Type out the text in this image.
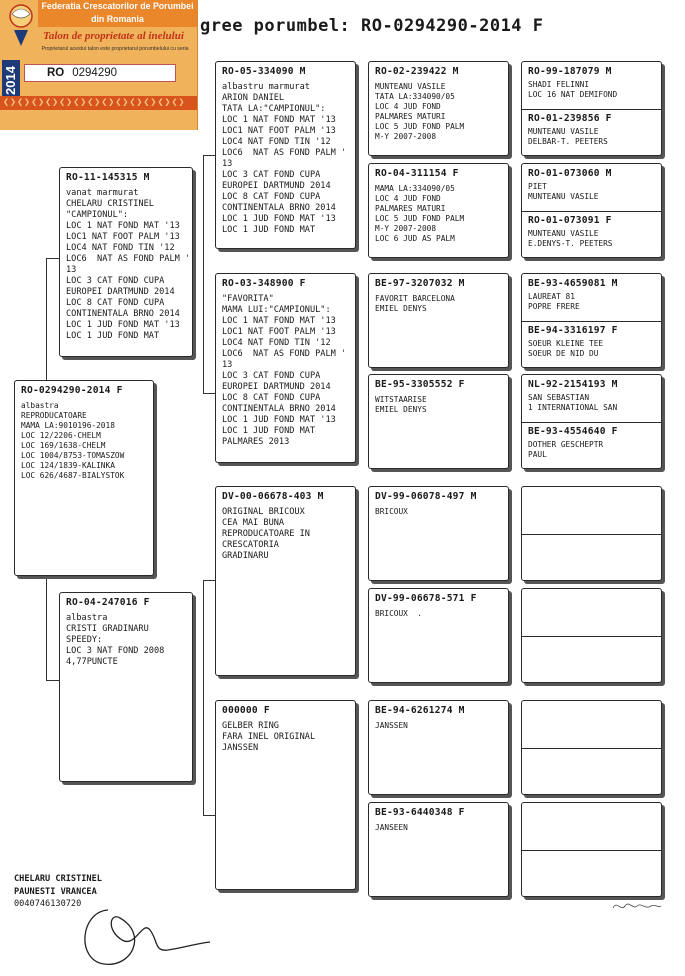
gree porumbel: RO-0294290-2014 F
Federatia Crescatorilor de Porumbei din Romania
Talon de proprietate al inelului
Proprietarul acestui talon este proprietarul porumbelului cu seria
RO 0294290
2014
❮❯❮❯❮❯❮❯❮❯❮❯❮❯❮❯❮❯❮❯❮❯❮❯❮❯
RO-0294290-2014 F
albastra
REPRODUCATOARE
MAMA LA:9010196-2018
LOC 12/2206-CHELM
LOC 169/1638-CHELM
LOC 1004/8753-TOMASZOW
LOC 124/1839-KALINKA
LOC 626/4687-BIALYSTOK
RO-11-145315 M
vanat marmurat
CHELARU CRISTINEL
"CAMPIONUL":
LOC 1 NAT FOND MAT '13
LOC1 NAT FOOT PALM '13
LOC4 NAT FOND TIN '12
LOC6  NAT AS FOND PALM '
13
LOC 3 CAT FOND CUPA
EUROPEI DARTMUND 2014
LOC 8 CAT FOND CUPA
CONTINENTALA BRNO 2014
LOC 1 JUD FOND MAT '13
LOC 1 JUD FOND MAT
RO-04-247016 F
albastra
CRISTI GRADINARU
SPEEDY:
LOC 3 NAT FOND 2008
4,77PUNCTE
RO-05-334090 M
albastru marmurat
ARION DANIEL
TATA LA:"CAMPIONUL":
LOC 1 NAT FOND MAT '13
LOC1 NAT FOOT PALM '13
LOC4 NAT FOND TIN '12
LOC6  NAT AS FOND PALM '
13
LOC 3 CAT FOND CUPA
EUROPEI DARTMUND 2014
LOC 8 CAT FOND CUPA
CONTINENTALA BRNO 2014
LOC 1 JUD FOND MAT '13
LOC 1 JUD FOND MAT
RO-03-348900 F
"FAVORITA"
MAMA LUI:"CAMPIONUL":
LOC 1 NAT FOND MAT '13
LOC1 NAT FOOT PALM '13
LOC4 NAT FOND TIN '12
LOC6  NAT AS FOND PALM '
13
LOC 3 CAT FOND CUPA
EUROPEI DARTMUND 2014
LOC 8 CAT FOND CUPA
CONTINENTALA BRNO 2014
LOC 1 JUD FOND MAT '13
LOC 1 JUD FOND MAT
PALMARES 2013
DV-00-06678-403 M
ORIGINAL BRICOUX
CEA MAI BUNA
REPRODUCATOARE IN
CRESCATORIA
GRADINARU
000000 F
GELBER RING
FARA INEL ORIGINAL
JANSSEN
RO-02-239422 M
MUNTEANU VASILE
TATA LA:334090/05
LOC 4 JUD FOND
PALMARES MATURI
LOC 5 JUD FOND PALM
M-Y 2007-2008
RO-04-311154 F
MAMA LA:334090/05
LOC 4 JUD FOND
PALMARES MATURI
LOC 5 JUD FOND PALM
M-Y 2007-2008
LOC 6 JUD AS PALM
BE-97-3207032 M
FAVORIT BARCELONA
EMIEL DENYS
BE-95-3305552 F
WITSTAARISE
EMIEL DENYS
DV-99-06078-497 M
BRICOUX
DV-99-06678-571 F
BRICOUX  .
BE-94-6261274 M
JANSSEN
BE-93-6440348 F
JANSEEN
RO-99-187079 M
SHADI FELINNI
LOC 16 NAT DEMIFOND
RO-01-239856 F
MUNTEANU VASILE
DELBAR-T. PEETERS
RO-01-073060 M
PIET
MUNTEANU VASILE
RO-01-073091 F
MUNTEANU VASILE
E.DENYS-T. PEETERS
BE-93-4659081 M
LAUREAT 81
POPRE FRERE
BE-94-3316197 F
SOEUR KLEINE TEE
SOEUR DE NID DU
NL-92-2154193 M
SAN SEBASTIAN
1 INTERNATIONAL SAN
BE-93-4554640 F
DOTHER GESCHEPTR
PAUL
CHELARU CRISTINEL
PAUNESTI VRANCEA
0040746130720
